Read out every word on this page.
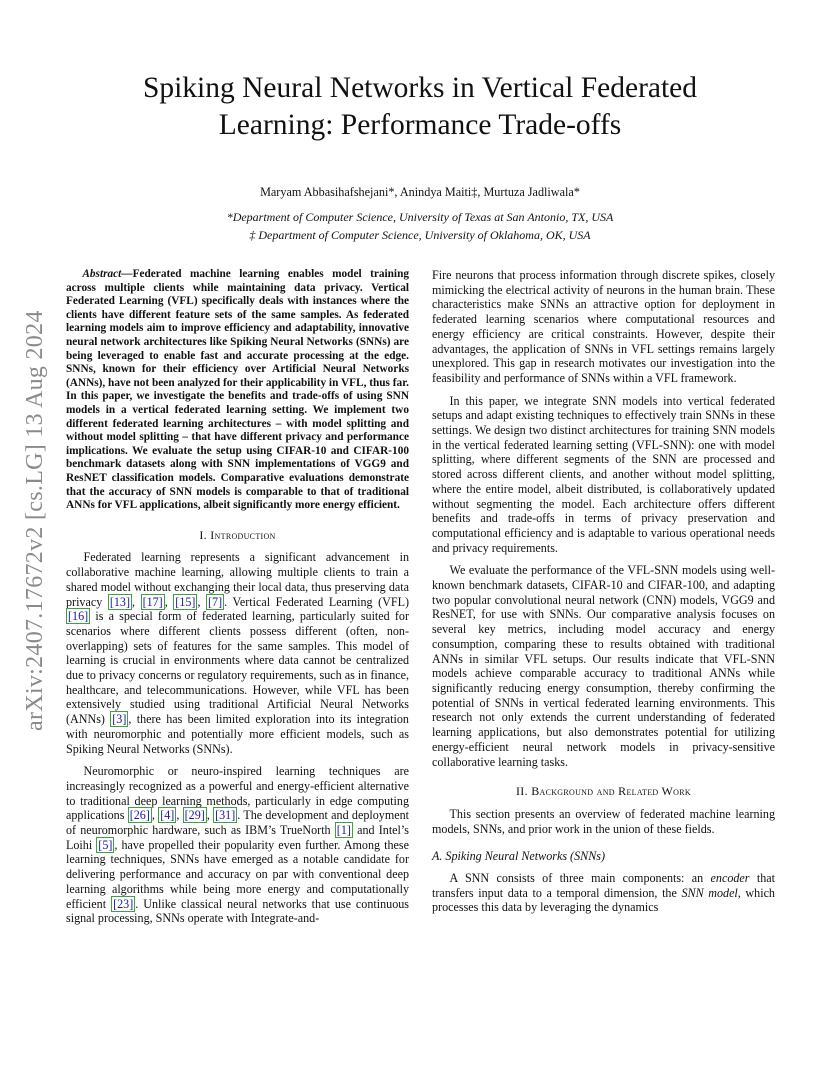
arXiv:2407.17672v2 [cs.LG] 13 Aug 2024
Spiking Neural Networks in Vertical Federated Learning: Performance Trade-offs
Maryam Abbasihafshejani*, Anindya Maiti‡, Murtuza Jadliwala*
*Department of Computer Science, University of Texas at San Antonio, TX, USA
‡ Department of Computer Science, University of Oklahoma, OK, USA

Abstract—Federated machine learning enables model training across multiple clients while maintaining data privacy. Vertical Federated Learning (VFL) specifically deals with instances where the clients have different feature sets of the same samples. As federated learning models aim to improve efficiency and adaptability, innovative neural network architectures like Spiking Neural Networks (SNNs) are being leveraged to enable fast and accurate processing at the edge. SNNs, known for their efficiency over Artificial Neural Networks (ANNs), have not been analyzed for their applicability in VFL, thus far. In this paper, we investigate the benefits and trade-offs of using SNN models in a vertical federated learning setting. We implement two different federated learning architectures – with model splitting and without model splitting – that have different privacy and performance implications. We evaluate the setup using CIFAR-10 and CIFAR-100 benchmark datasets along with SNN implementations of VGG9 and ResNET classification models. Comparative evaluations demonstrate that the accuracy of SNN models is comparable to that of traditional ANNs for VFL applications, albeit significantly more energy efficient.

I. Introduction

Federated learning represents a significant advancement in collaborative machine learning, allowing multiple clients to train a shared model without exchanging their local data, thus preserving data privacy [13] , [17] , [15] , [7] . Vertical Federated Learning (VFL) [16] is a special form of federated learning, particularly suited for scenarios where different clients possess different (often, non-overlapping) sets of features for the same samples. This model of learning is crucial in environments where data cannot be centralized due to privacy concerns or regulatory requirements, such as in finance, healthcare, and telecommunications. However, while VFL has been extensively studied using traditional Artificial Neural Networks (ANNs) [3] , there has been limited exploration into its integration with neuromorphic and potentially more efficient models, such as Spiking Neural Networks (SNNs).

Neuromorphic or neuro-inspired learning techniques are increasingly recognized as a powerful and energy-efficient alternative to traditional deep learning methods, particularly in edge computing applications [26] , [4] , [29] , [31] . The development and deployment of neuromorphic hardware, such as IBM’s TrueNorth [1] and Intel’s Loihi [5] , have propelled their popularity even further. Among these learning techniques, SNNs have emerged as a notable candidate for delivering performance and accuracy on par with conventional deep learning algorithms while being more energy and computationally efficient [23] . Unlike classical neural networks that use continuous signal processing, SNNs operate with Integrate-and-

Fire neurons that process information through discrete spikes, closely mimicking the electrical activity of neurons in the human brain. These characteristics make SNNs an attractive option for deployment in federated learning scenarios where computational resources and energy efficiency are critical constraints. However, despite their advantages, the application of SNNs in VFL settings remains largely unexplored. This gap in research motivates our investigation into the feasibility and performance of SNNs within a VFL framework.

In this paper, we integrate SNN models into vertical federated setups and adapt existing techniques to effectively train SNNs in these settings. We design two distinct architectures for training SNN models in the vertical federated learning setting (VFL-SNN): one with model splitting, where different segments of the SNN are processed and stored across different clients, and another without model splitting, where the entire model, albeit distributed, is collaboratively updated without segmenting the model. Each architecture offers different benefits and trade-offs in terms of privacy preservation and computational efficiency and is adaptable to various operational needs and privacy requirements.

We evaluate the performance of the VFL-SNN models using well-known benchmark datasets, CIFAR-10 and CIFAR-100, and adapting two popular convolutional neural network (CNN) models, VGG9 and ResNET, for use with SNNs. Our comparative analysis focuses on several key metrics, including model accuracy and energy consumption, comparing these to results obtained with traditional ANNs in similar VFL setups. Our results indicate that VFL-SNN models achieve comparable accuracy to traditional ANNs while significantly reducing energy consumption, thereby confirming the potential of SNNs in vertical federated learning environments. This research not only extends the current understanding of federated learning applications, but also demonstrates potential for utilizing energy-efficient neural network models in privacy-sensitive collaborative learning tasks.

II. Background and Related Work

This section presents an overview of federated machine learning models, SNNs, and prior work in the union of these fields.

A. Spiking Neural Networks (SNNs)

A SNN consists of three main components: an encoder that transfers input data to a temporal dimension, the SNN model, which processes this data by leveraging the dynamics
